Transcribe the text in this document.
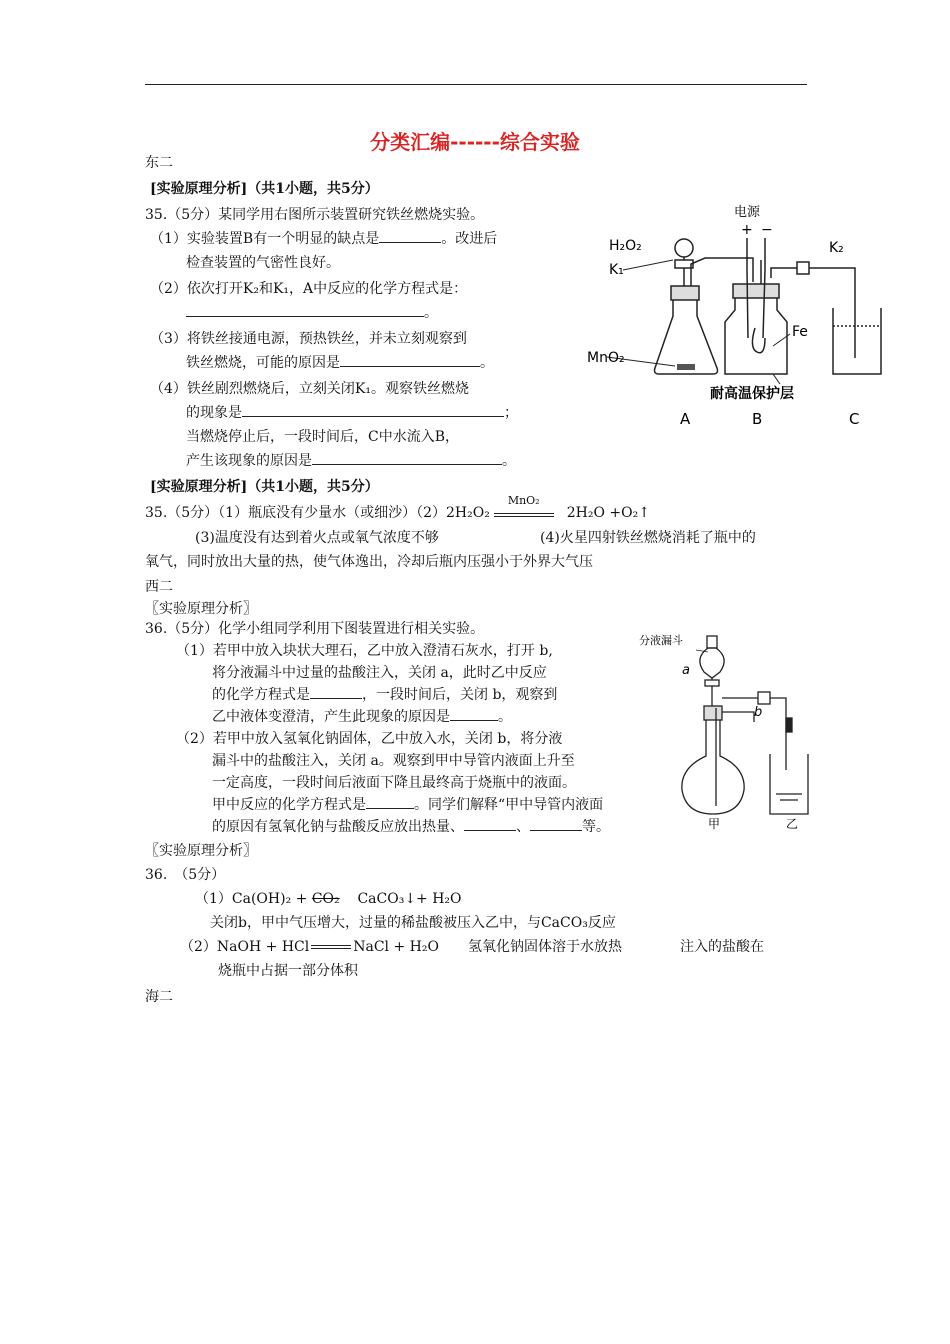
分类汇编------综合实验
东二
[实验原理分析]（共1小题，共5分）
35.（5分）某同学用右图所示装置研究铁丝燃烧实验。
（1）实验装置B有一个明显的缺点是	。改进后
检查装置的气密性良好。
（2）依次打开K₂和K₁，A中反应的化学方程式是：
。
（3）将铁丝接通电源，预热铁丝，并未立刻观察到
铁丝燃烧，可能的原因是	。
（4）铁丝剧烈燃烧后，立刻关闭K₁。观察铁丝燃烧
的现象是	；
当燃烧停止后，一段时间后，C中水流入B，
产生该现象的原因是	。
[实验原理分析]（共1小题，共5分）
35.（5分）（1）瓶底没有少量水（或细沙）（2）2H₂O₂
MnO₂
2H₂O +O₂↑
(3)温度没有达到着火点或氧气浓度不够	(4)火星四射铁丝燃烧消耗了瓶中的
氧气，同时放出大量的热，使气体逸出，冷却后瓶内压强小于外界大气压
电源
+ −
H₂O₂
K₁
K₂
Fe
MnO₂
耐高温保护层
A	B	C
西二
〖实验原理分析〗
36.（5分）化学小组同学利用下图装置进行相关实验。
（1）若甲中放入块状大理石，乙中放入澄清石灰水，打开 b,
将分液漏斗中过量的盐酸注入，关闭 a，此时乙中反应
的化学方程式是	，一段时间后，关闭 b，观察到
乙中液体变澄清，产生此现象的原因是	。
（2）若甲中放入氢氧化钠固体，乙中放入水，关闭 b，将分液
漏斗中的盐酸注入，关闭 a。观察到甲中导管内液面上升至
一定高度，一段时间后液面下降且最终高于烧瓶中的液面。
甲中反应的化学方程式是	。同学们解释“甲中导管内液面
的原因有氢氧化钠与盐酸反应放出热量、	、	等。
〖实验原理分析〗
36.　（5分）
（1）Ca(OH)₂ + CO₂ CaCO₃↓+ H₂O
关闭b，甲中气压增大，过量的稀盐酸被压入乙中，与CaCO₃反应
（2）NaOH + HCl	NaCl + H₂O 氢氧化钠固体溶于水放热	注入的盐酸在
烧瓶中占据一部分体积
分液漏斗
a
b
甲	乙
海二
